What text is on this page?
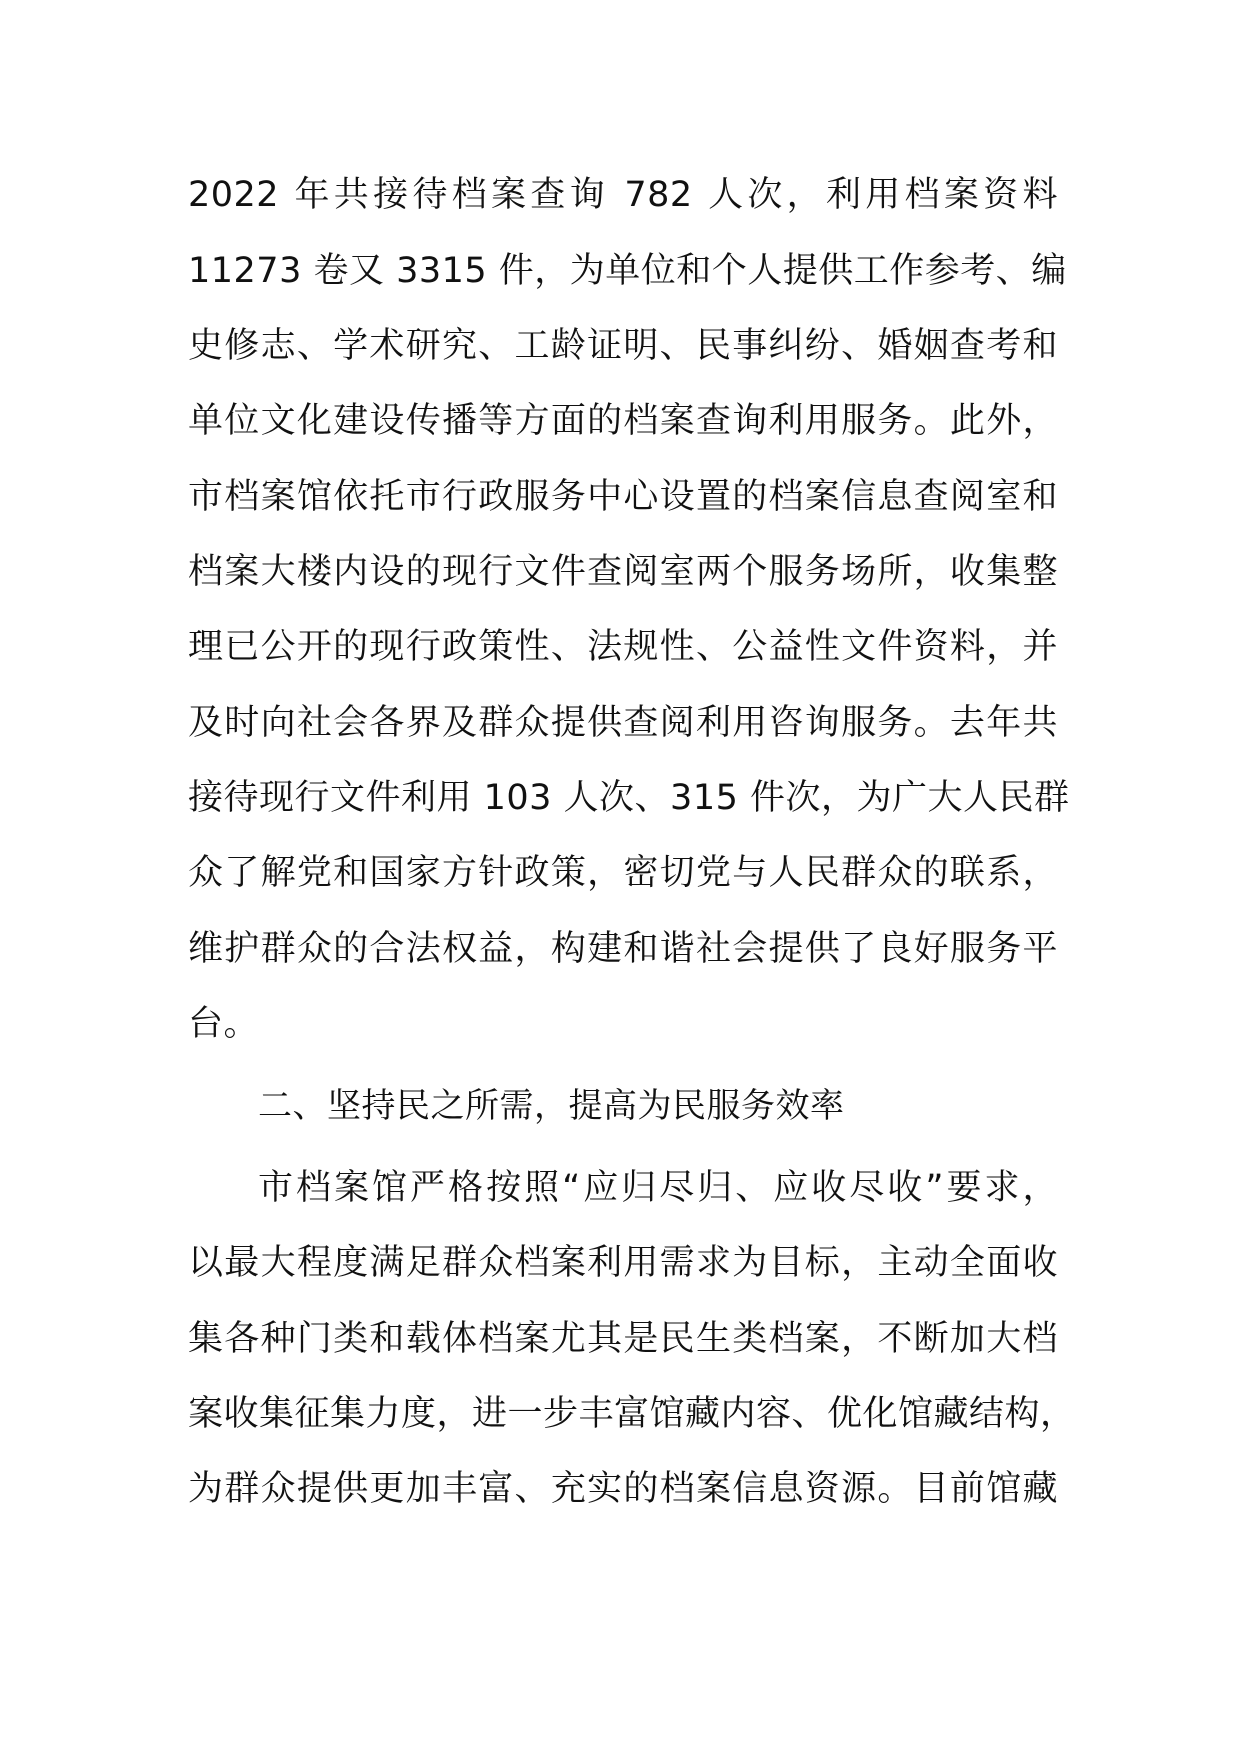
2022 年共接待档案查询 782 人次，利用档案资料
11273 卷又 3315 件，为单位和个人提供工作参考、编
史修志、学术研究、工龄证明、民事纠纷、婚姻查考和
单位文化建设传播等方面的档案查询利用服务。此外，
市档案馆依托市行政服务中心设置的档案信息查阅室和
档案大楼内设的现行文件查阅室两个服务场所，收集整
理已公开的现行政策性、法规性、公益性文件资料，并
及时向社会各界及群众提供查阅利用咨询服务。去年共
接待现行文件利用 103 人次、315 件次，为广大人民群
众了解党和国家方针政策，密切党与人民群众的联系，
维护群众的合法权益，构建和谐社会提供了良好服务平
台。
二、坚持民之所需，提高为民服务效率
市档案馆严格按照“应归尽归、应收尽收”要求，
以最大程度满足群众档案利用需求为目标，主动全面收
集各种门类和载体档案尤其是民生类档案，不断加大档
案收集征集力度，进一步丰富馆藏内容、优化馆藏结构，
为群众提供更加丰富、充实的档案信息资源。目前馆藏
